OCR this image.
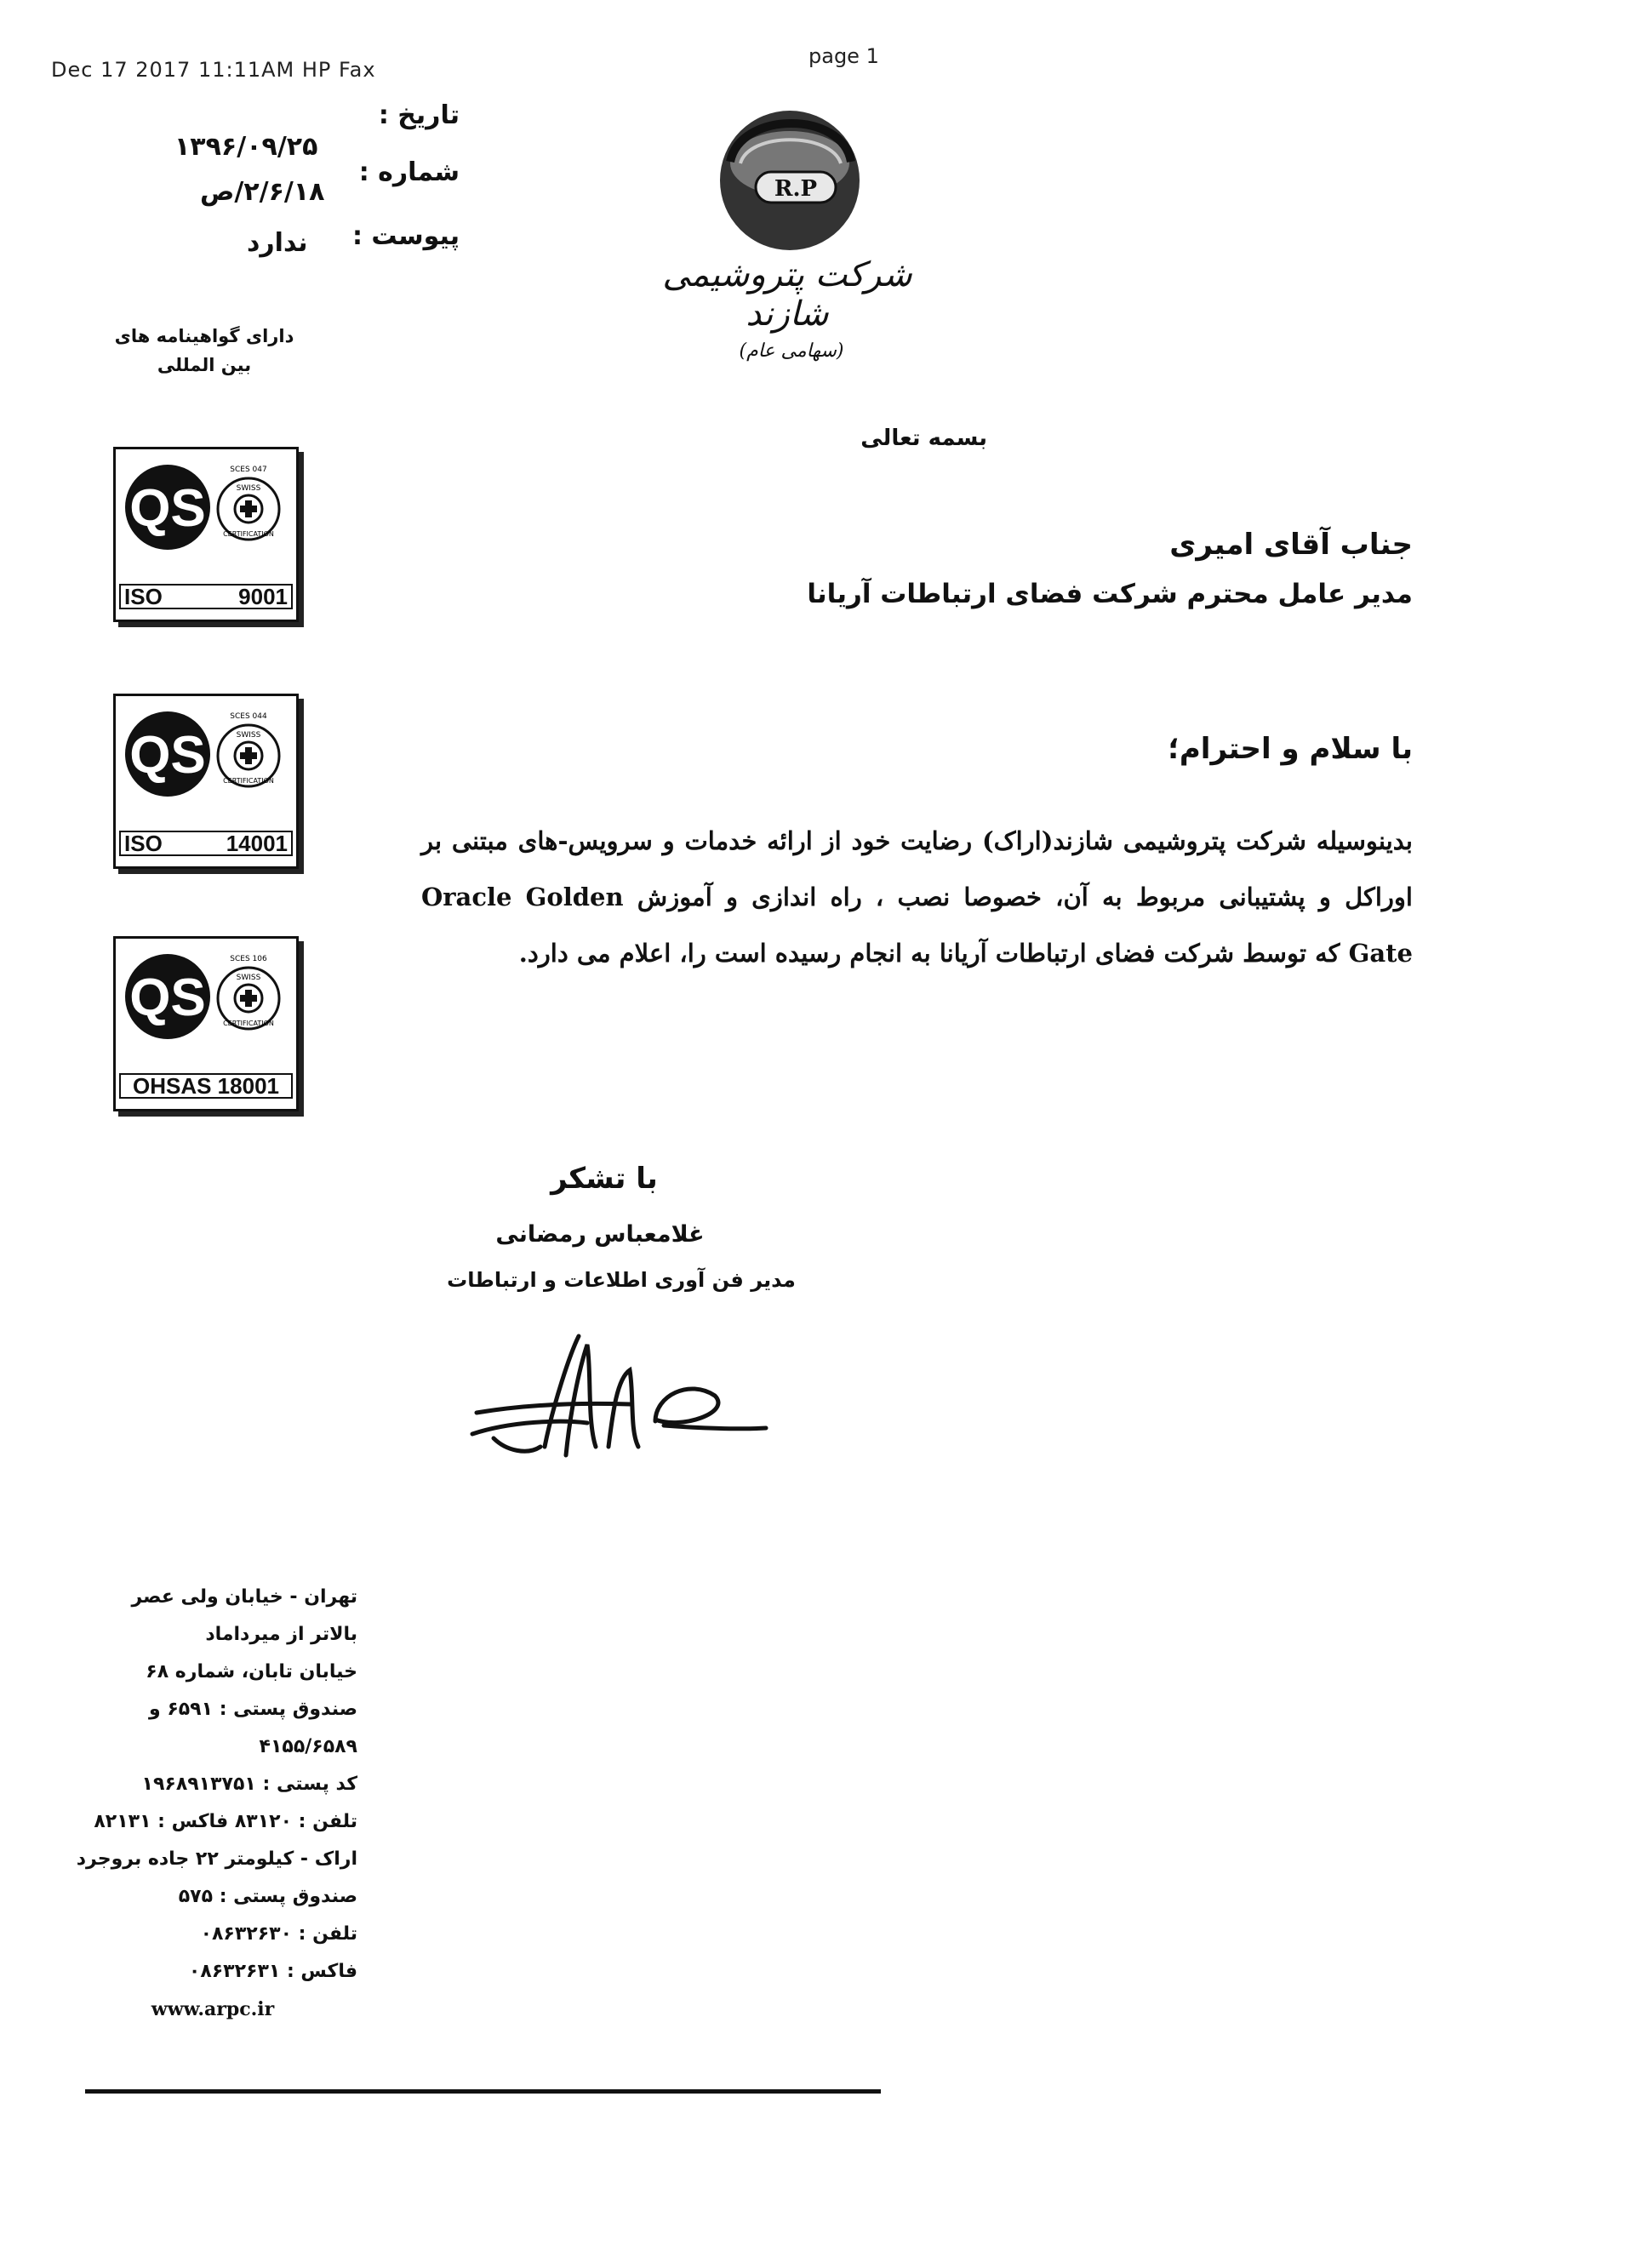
Dec 17 2017 11:11AM HP Fax
page 1
تاریخ :
۱۳۹۶/۰۹/۲۵
شماره :
۲/۶/۱۸/ص
پیوست :
ندارد
دارای گواهینامه های
بین المللی
QS	SWISS
SCES 047
CERTIFICATION
ISO	9001
QS	SWISS
SCES 044
CERTIFICATION
ISO	14001
QS	SWISS
SCES 106
CERTIFICATION
OHSAS 18001
R.P
شرکت پتروشیمی شازند
(سهامی عام)
بسمه تعالی
جناب آقای امیری
مدیر عامل محترم شرکت فضای ارتباطات آریانا
با سلام و احترام؛
بدینوسیله شرکت پتروشیمی شازند(اراک) رضایت خود از ارائه خدمات و سرویس-های مبتنی بر اوراکل و پشتیبانی مربوط به آن، خصوصا نصب ، راه اندازی و آموزش Oracle Golden Gate که توسط شرکت فضای ارتباطات آریانا به انجام رسیده است را، اعلام می دارد.
با تشکر
غلامعباس رمضانی
مدیر فن آوری اطلاعات و ارتباطات
تهران - خیابان ولی عصر
بالاتر از میرداماد
خیابان تابان، شماره ۶۸
صندوق پستی : ۶۵۹۱ و ۴۱۵۵/۶۵۸۹
کد پستی : ۱۹۶۸۹۱۳۷۵۱
تلفن : ۸۳۱۲۰ فاکس : ۸۲۱۳۱
اراک - کیلومتر ۲۲ جاده بروجرد
صندوق پستی : ۵۷۵
تلفن : ۰۸۶۳۲۶۳۰
فاکس : ۰۸۶۳۲۶۳۱
www.arpc.ir
